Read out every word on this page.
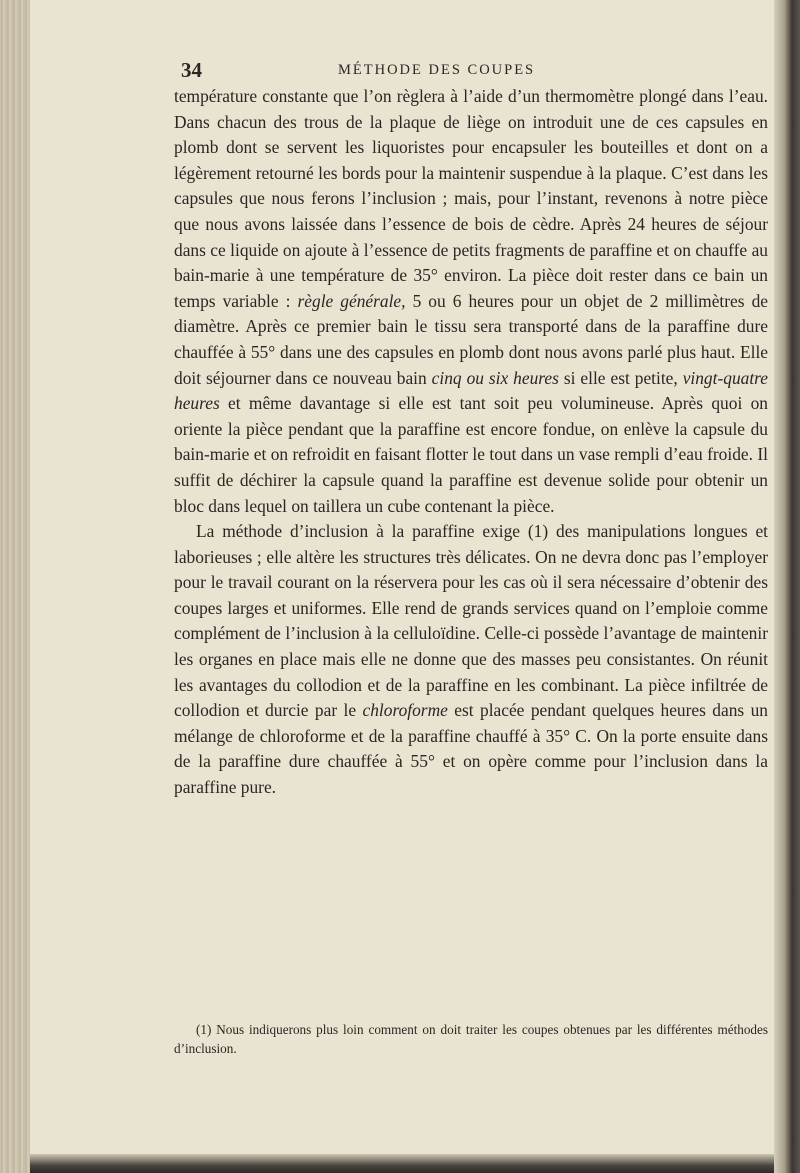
34	MÉTHODE DES COUPES

température constante que l’on règlera à l’aide d’un thermomètre plongé dans l’eau. Dans chacun des trous de la plaque de liège on introduit une de ces capsules en plomb dont se servent les liquoristes pour encapsuler les bouteilles et dont on a légèrement retourné les bords pour la maintenir suspendue à la plaque. C’est dans les capsules que nous ferons l’inclusion ; mais, pour l’instant, revenons à notre pièce que nous avons laissée dans l’essence de bois de cèdre. Après 24 heures de séjour dans ce liquide on ajoute à l’essence de petits fragments de paraffine et on chauffe au bain-marie à une température de 35° environ. La pièce doit rester dans ce bain un temps variable : règle générale, 5 ou 6 heures pour un objet de 2 millimètres de diamètre. Après ce premier bain le tissu sera transporté dans de la paraffine dure chauffée à 55° dans une des capsules en plomb dont nous avons parlé plus haut. Elle doit séjourner dans ce nouveau bain cinq ou six heures si elle est petite, vingt-quatre heures et même davantage si elle est tant soit peu volumineuse. Après quoi on oriente la pièce pendant que la paraffine est encore fondue, on enlève la capsule du bain-marie et on refroidit en faisant flotter le tout dans un vase rempli d’eau froide. Il suffit de déchirer la capsule quand la paraffine est devenue solide pour obtenir un bloc dans lequel on taillera un cube contenant la pièce.

La méthode d’inclusion à la paraffine exige (1) des manipulations longues et laborieuses ; elle altère les structures très délicates. On ne devra donc pas l’employer pour le travail courant on la réservera pour les cas où il sera nécessaire d’obtenir des coupes larges et uniformes. Elle rend de grands services quand on l’emploie comme complément de l’inclusion à la celluloïdine. Celle-ci possède l’avantage de maintenir les organes en place mais elle ne donne que des masses peu consistantes. On réunit les avantages du collodion et de la paraffine en les combinant. La pièce infiltrée de collodion et durcie par le chloroforme est placée pendant quelques heures dans un mélange de chloroforme et de la paraffine chauffé à 35° C. On la porte ensuite dans de la paraffine dure chauffée à 55° et on opère comme pour l’inclusion dans la paraffine pure.

(1) Nous indiquerons plus loin comment on doit traiter les coupes obtenues par les différentes méthodes d’inclusion.
